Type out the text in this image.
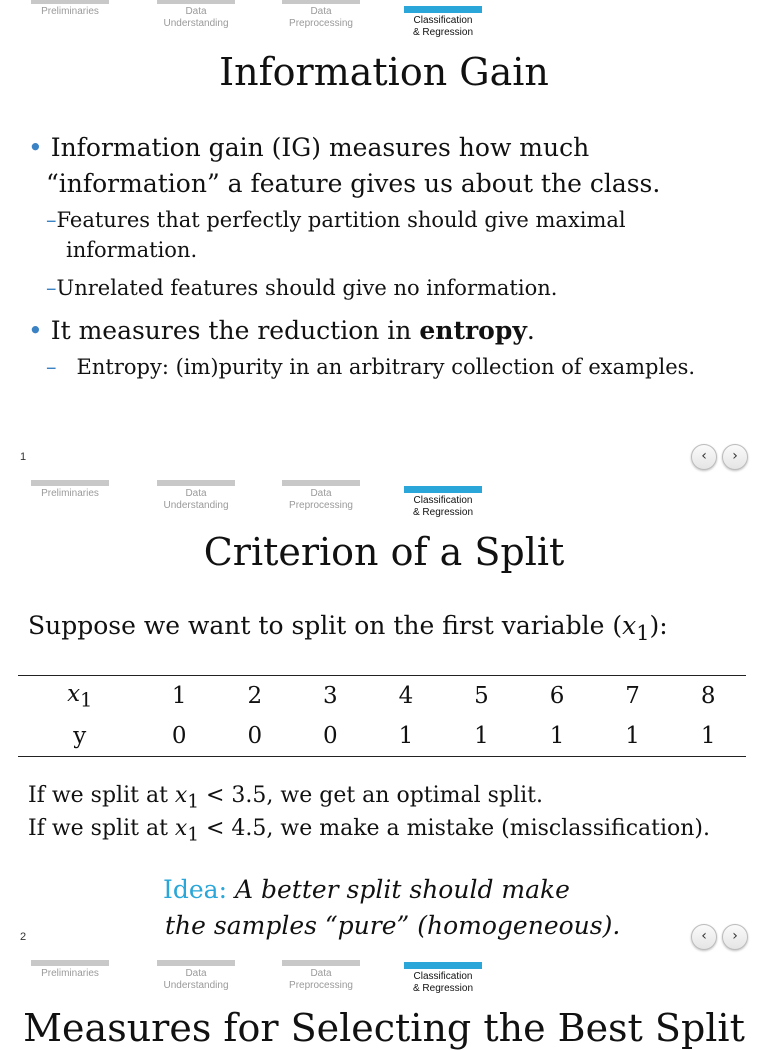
Preliminaries	Data
Understanding
Data
Preprocessing	Classification
& Regression
Information Gain
• Information gain (IG) measures how much
“information” a feature gives us about the class.
–Features that perfectly partition should give maximal
information.
–Unrelated features should give no information.
• It measures the reduction in entropy.
– Entropy: (im)purity in an arbitrary collection of examples.
1	‹	›
Preliminaries	Data
Understanding
Data
Preprocessing	Classification
& Regression
Criterion of a Split
Suppose we want to split on the first variable $(x_1)$:
$x_1$	1	2	3	4	5	6	7	8
y	0	0	0	1	1	1	1	1
If we split at $x_1 < 3.5$, we get an optimal split.
If we split at $x_1 < 4.5$, we make a mistake (misclassification).
Idea: A better split should make
the samples “pure” (homogeneous).
2	‹	›
Preliminaries	Data
Understanding
Data
Preprocessing
Classification
& Regression
Measures for Selecting the Best Split
